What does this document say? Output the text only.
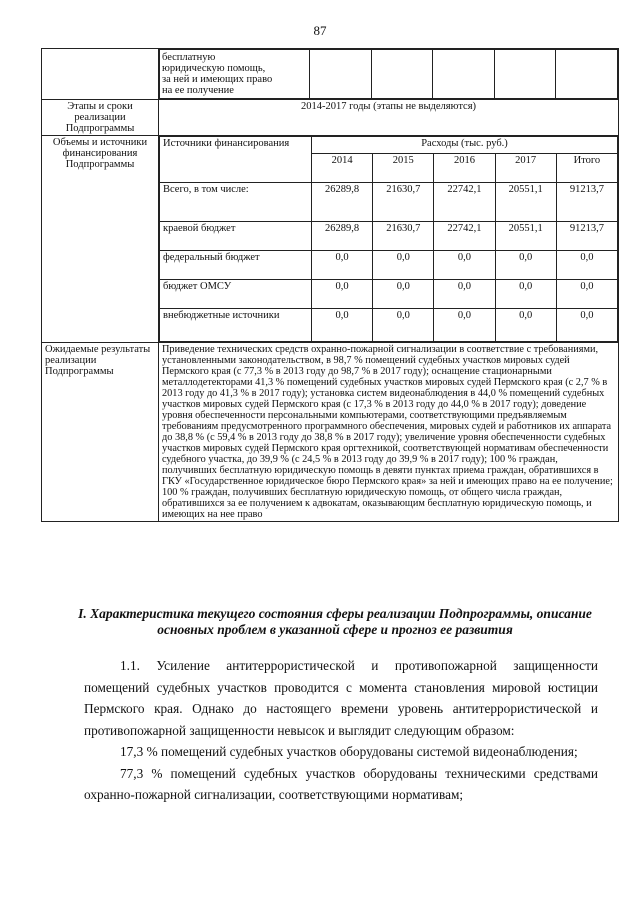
87

бесплатную
юридическую помощь,
за ней и имеющих право
на ее получение

Этапы и сроки реализации Подпрограммы	2014-2017 годы (этапы не выделяются)
Объемы и источники финансирования Подпрограммы	
Источники финансирования	Расходы (тыс. руб.)
2014	2015	2016	2017	Итого
Всего, в том числе:	26289,8	21630,7	22742,1	20551,1	91213,7
краевой бюджет	26289,8	21630,7	22742,1	20551,1	91213,7
федеральный бюджет	0,0	0,0	0,0	0,0	0,0
бюджет ОМСУ	0,0	0,0	0,0	0,0	0,0
внебюджетные источники	0,0	0,0	0,0	0,0	0,0

Ожидаемые результаты реализации Подпрограммы	Приведение технических средств охранно-пожарной сигнализации в соответствие с требованиями, установленными законодательством, в 98,7 % помещений судебных участков мировых судей Пермского края (с 77,3 % в 2013 году до 98,7 % в 2017 году); оснащение стационарными металлодетекторами 41,3 % помещений судебных участков мировых судей Пермского края (с 2,7 % в 2013 году до 41,3 % в 2017 году); установка систем видеонаблюдения в 44,0 % помещений судебных участков мировых судей Пермского края (с 17,3 % в 2013 году до 44,0 % в 2017 году); доведение уровня обеспеченности персональными компьютерами, соответствующими предъявляемым требованиям предусмотренного программного обеспечения, мировых судей и работников их аппарата до 38,8 % (с 59,4 % в 2013 году до 38,8 % в 2017 году); увеличение уровня обеспеченности судебных участков мировых судей Пермского края оргтехникой, соответствующей нормативам обеспеченности судебного участка, до 39,9 % (с 24,5 % в 2013 году до 39,9 % в 2017 году); 100 % граждан, получивших бесплатную юридическую помощь в девяти пунктах приема граждан, обратившихся в ГКУ «Государственное юридическое бюро Пермского края» за ней и имеющих право на ее получение; 100 % граждан, получивших бесплатную юридическую помощь, от общего числа граждан, обратившихся за ее получением к адвокатам, оказывающим бесплатную юридическую помощь, и имеющих на нее право
I. Характеристика текущего состояния сферы реализации Подпрограммы, описание основных проблем в указанной сфере и прогноз ее развития

1.1. Усиление антитеррористической и противопожарной защищенности помещений судебных участков проводится с момента становления мировой юстиции Пермского края. Однако до настоящего времени уровень антитеррористической и противопожарной защищенности невысок и выглядит следующим образом:

17,3 % помещений судебных участков оборудованы системой видеонаблюдения;

77,3 % помещений судебных участков оборудованы техническими средствами охранно-пожарной сигнализации, соответствующими нормативам;
